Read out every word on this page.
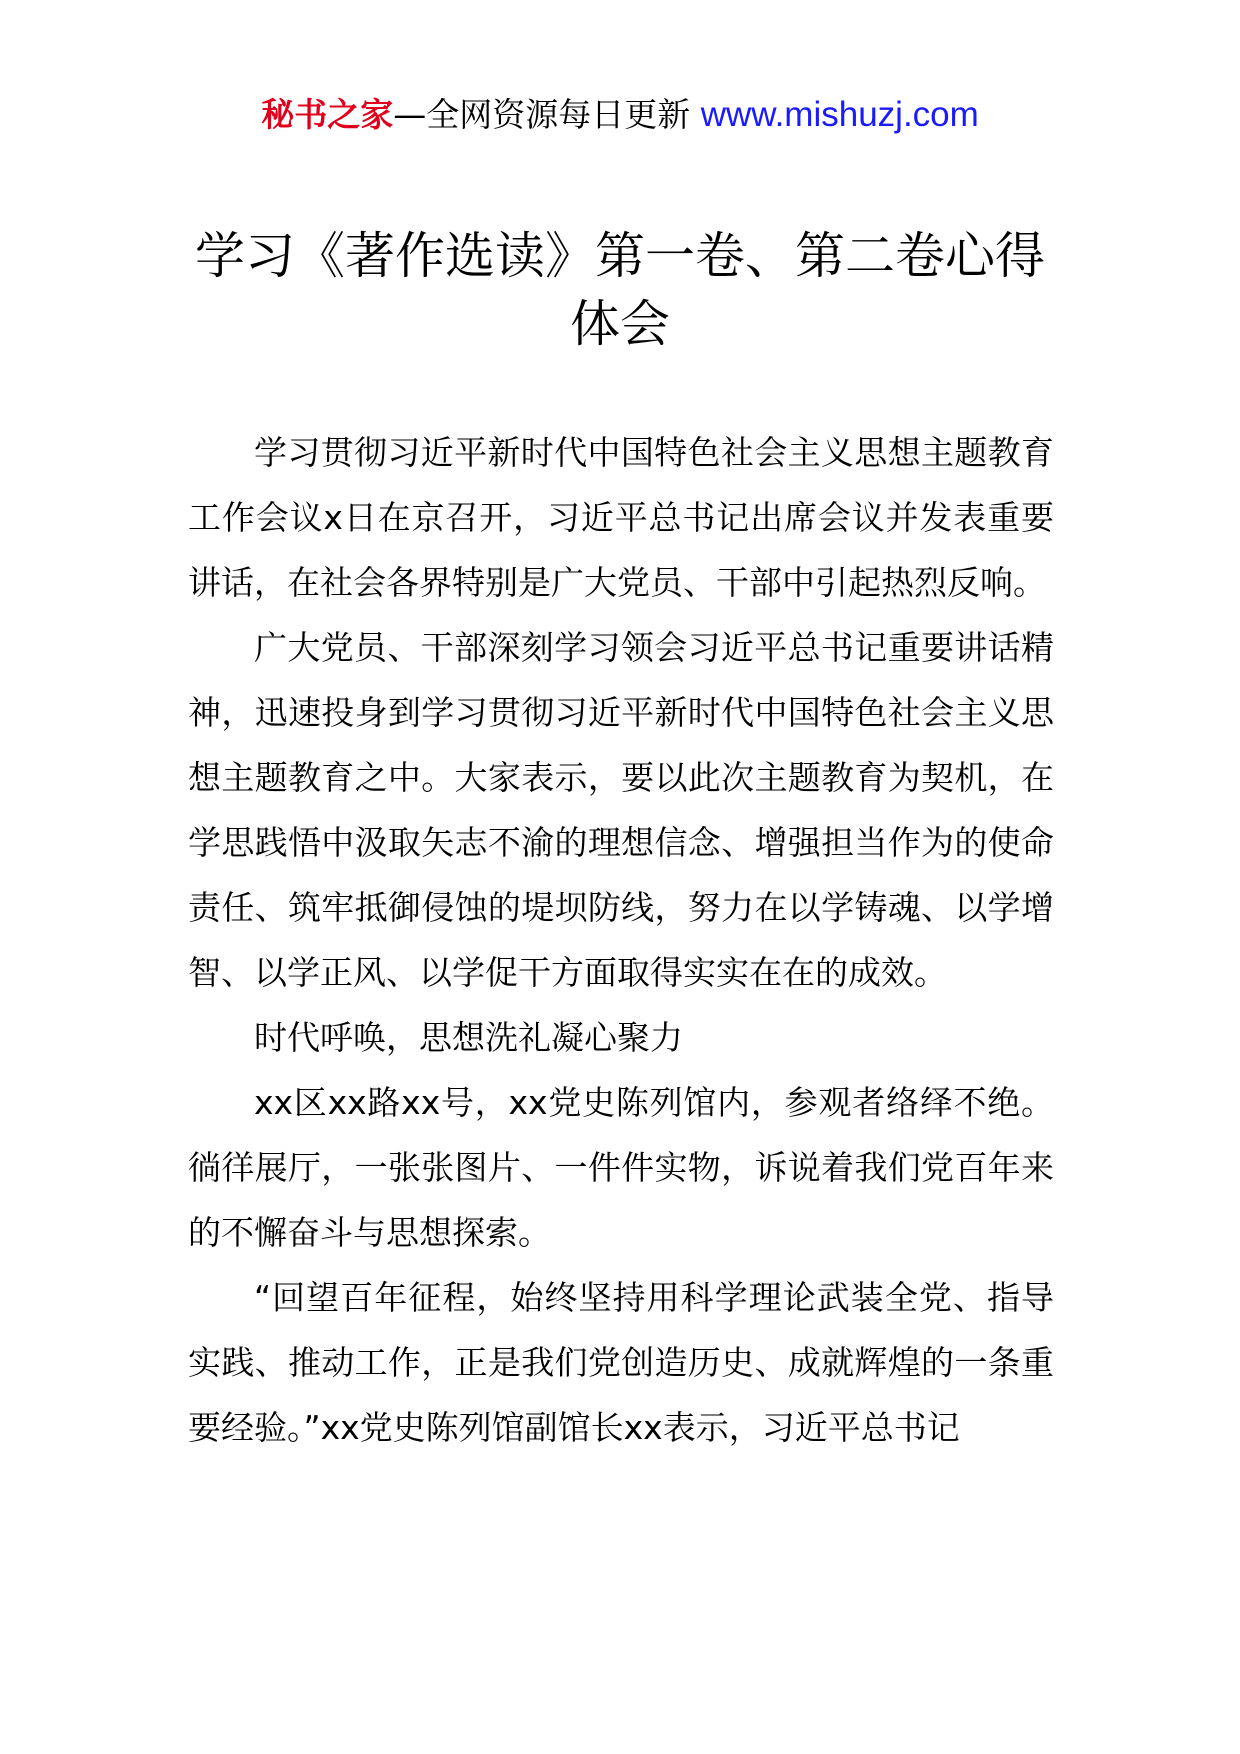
秘书之家—全网资源每日更新 www.mishuzj.com
学习《著作选读》第一卷、第二卷心得体会

学习贯彻习近平新时代中国特色社会主义思想主题教育工作会议x日在京召开，习近平总书记出席会议并发表重要讲话，在社会各界特别是广大党员、干部中引起热烈反响。

广大党员、干部深刻学习领会习近平总书记重要讲话精神，迅速投身到学习贯彻习近平新时代中国特色社会主义思想主题教育之中。大家表示，要以此次主题教育为契机，在学思践悟中汲取矢志不渝的理想信念、增强担当作为的使命责任、筑牢抵御侵蚀的堤坝防线，努力在以学铸魂、以学增智、以学正风、以学促干方面取得实实在在的成效。

时代呼唤，思想洗礼凝心聚力

xx区xx路xx号，xx党史陈列馆内，参观者络绎不绝。徜徉展厅，一张张图片、一件件实物，诉说着我们党百年来的不懈奋斗与思想探索。

“回望百年征程，始终坚持用科学理论武装全党、指导实践、推动工作，正是我们党创造历史、成就辉煌的一条重要经验。”xx党史陈列馆副馆长xx表示，习近平总书记
